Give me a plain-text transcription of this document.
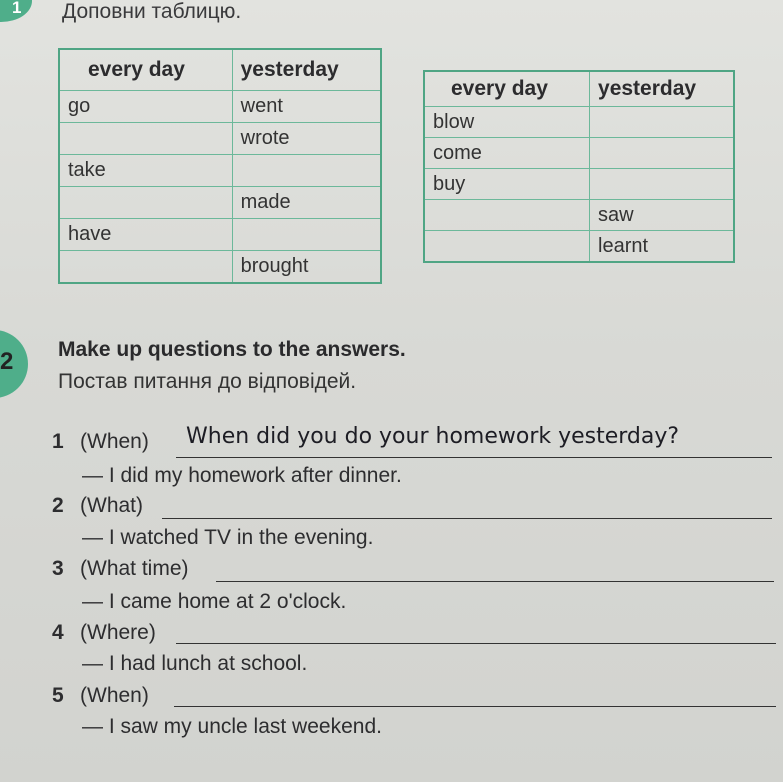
1 Доповни таблицю.
every day	yesterday
go	went
	wrote
take	
	made
have	
	brought
every day	yesterday
blow	
come	
buy	
	saw
	learnt
2 Make up questions to the answers.
Постав питання до відповідей.
1 (When) When did you do your homework yesterday?
— I did my homework after dinner.
2 (What)
— I watched TV in the evening.
3 (What time)
— I came home at 2 o'clock.
4 (Where)
— I had lunch at school.
5 (When)
— I saw my uncle last weekend.
